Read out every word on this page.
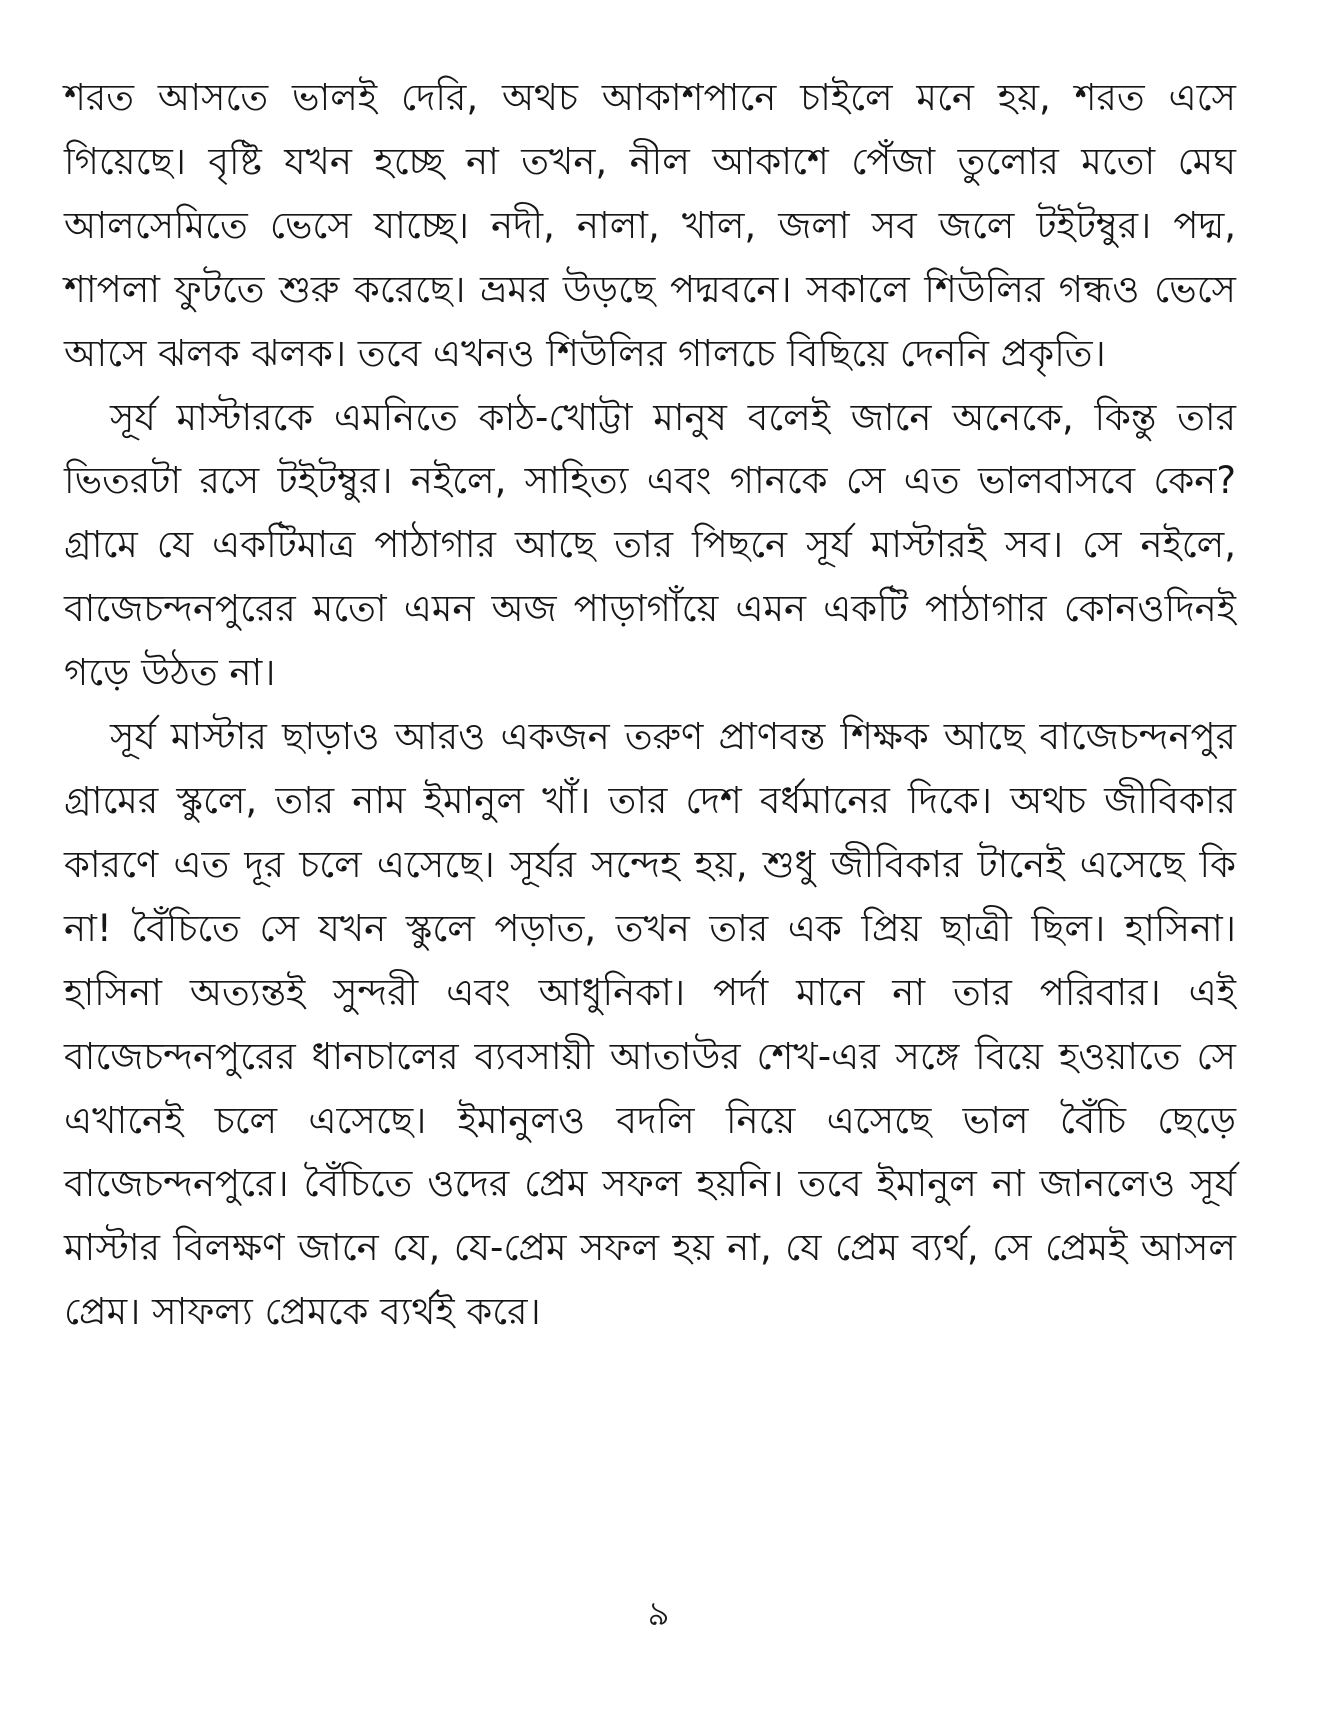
শরত আসতে ভালই দেরি, অথচ আকাশপানে চাইলে মনে হয়, শরত এসে গিয়েছে। বৃষ্টি যখন হচ্ছে না তখন, নীল আকাশে পেঁজা তুলোর মতো মেঘ আলসেমিতে ভেসে যাচ্ছে। নদী, নালা, খাল, জলা সব জলে টইটম্বুর। পদ্ম, শাপলা ফুটতে শুরু করেছে। ভ্রমর উড়ছে পদ্মবনে। সকালে শিউলির গন্ধও ভেসে আসে ঝলক ঝলক। তবে এখনও শিউলির গালচে বিছিয়ে দেননি প্রকৃতি।

সূর্য মাস্টারকে এমনিতে কাঠ-খোট্টা মানুষ বলেই জানে অনেকে, কিন্তু তার ভিতরটা রসে টইটম্বুর। নইলে, সাহিত্য এবং গানকে সে এত ভালবাসবে কেন? গ্রামে যে একটিমাত্র পাঠাগার আছে তার পিছনে সূর্য মাস্টারই সব। সে নইলে, বাজেচন্দনপুরের মতো এমন অজ পাড়াগাঁয়ে এমন একটি পাঠাগার কোনওদিনই গড়ে উঠত না।

সূর্য মাস্টার ছাড়াও আরও একজন তরুণ প্রাণবন্ত শিক্ষক আছে বাজেচন্দনপুর গ্রামের স্কুলে, তার নাম ইমানুল খাঁ। তার দেশ বর্ধমানের দিকে। অথচ জীবিকার কারণে এত দূর চলে এসেছে। সূর্যর সন্দেহ হয়, শুধু জীবিকার টানেই এসেছে কি না! বৈঁচিতে সে যখন স্কুলে পড়াত, তখন তার এক প্রিয় ছাত্রী ছিল। হাসিনা। হাসিনা অত্যন্তই সুন্দরী এবং আধুনিকা। পর্দা মানে না তার পরিবার। এই বাজেচন্দনপুরের ধানচালের ব্যবসায়ী আতাউর শেখ-এর সঙ্গে বিয়ে হওয়াতে সে এখানেই চলে এসেছে। ইমানুলও বদলি নিয়ে এসেছে ভাল বৈঁচি ছেড়ে বাজেচন্দনপুরে। বৈঁচিতে ওদের প্রেম সফল হয়নি। তবে ইমানুল না জানলেও সূর্য মাস্টার বিলক্ষণ জানে যে, যে-প্রেম সফল হয় না, যে প্রেম ব্যর্থ, সে প্রেমই আসল প্রেম। সাফল্য প্রেমকে ব্যর্থই করে।

৯
